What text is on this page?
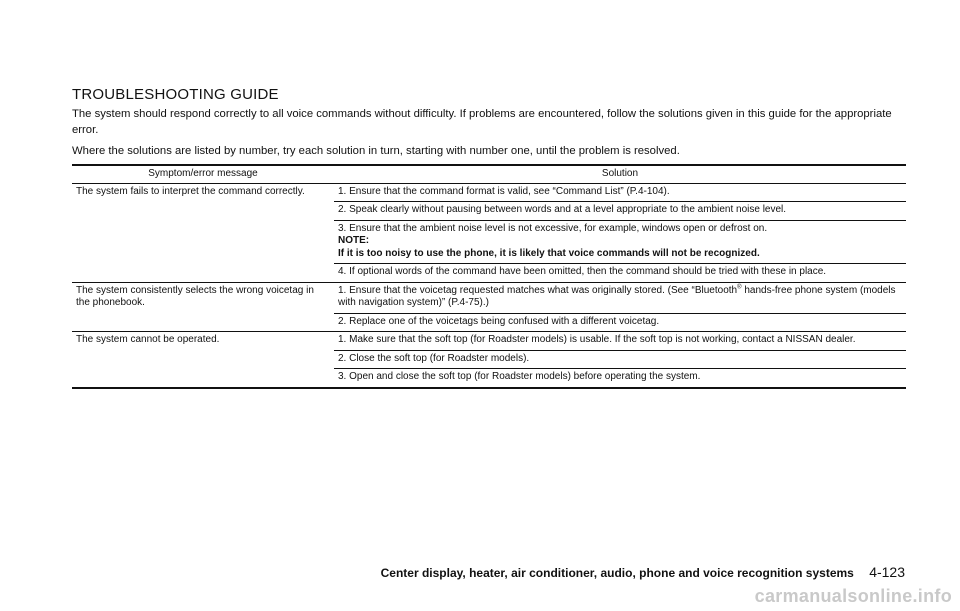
TROUBLESHOOTING GUIDE

The system should respond correctly to all voice commands without difficulty. If problems are encountered, follow the solutions given in this guide for the appropriate error.

Where the solutions are listed by number, try each solution in turn, starting with number one, until the problem is resolved.

Symptom/error message	Solution
The system fails to interpret the command correctly.	1. Ensure that the command format is valid, see “Command List” (P.4-104).
	2. Speak clearly without pausing between words and at a level appropriate to the ambient noise level.
	3. Ensure that the ambient noise level is not excessive, for example, windows open or defrost on.
NOTE:
If it is too noisy to use the phone, it is likely that voice commands will not be recognized.

	4. If optional words of the command have been omitted, then the command should be tried with these in place.
The system consistently selects the wrong voicetag in the phonebook.	1. Ensure that the voicetag requested matches what was originally stored. (See “Bluetooth® hands-free phone system (models with navigation system)” (P.4-75).)
	2. Replace one of the voicetags being confused with a different voicetag.
The system cannot be operated.	1. Make sure that the soft top (for Roadster models) is usable. If the soft top is not working, contact a NISSAN dealer.
	2. Close the soft top (for Roadster models).
	3. Open and close the soft top (for Roadster models) before operating the system.
Center display, heater, air conditioner, audio, phone and voice recognition systems 4-123
carmanualsonline.info
